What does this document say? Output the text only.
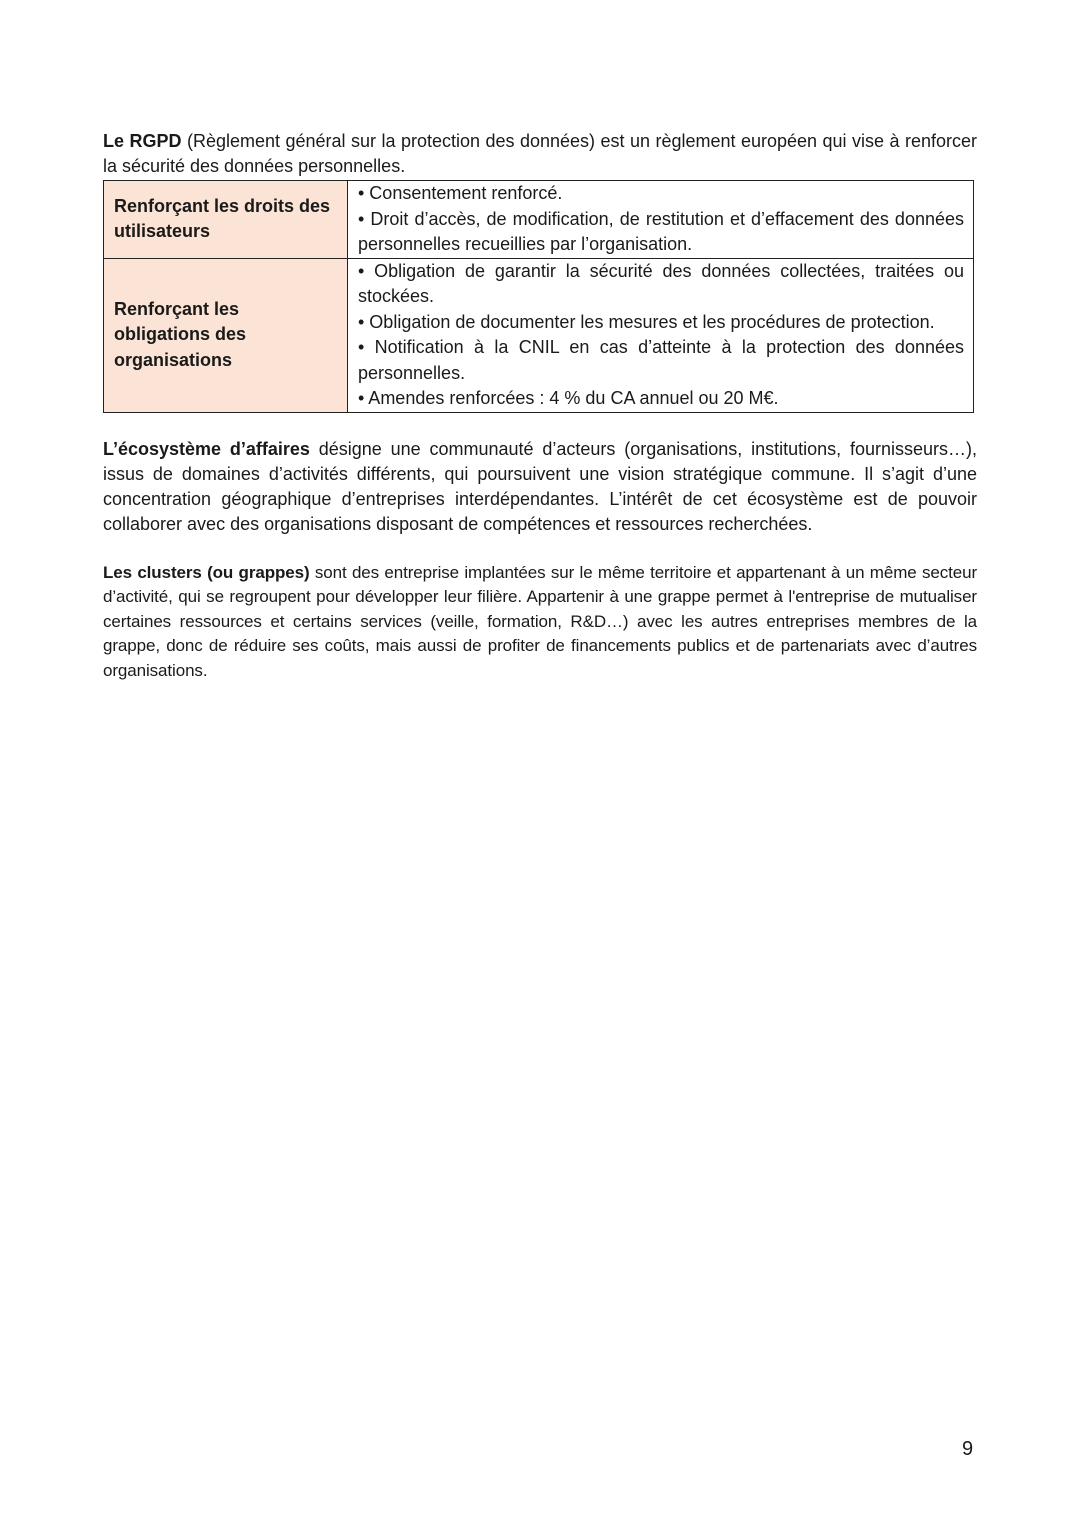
Le RGPD (Règlement général sur la protection des données) est un règlement européen qui vise à renforcer la sécurité des données personnelles.

Renforçant les droits des utilisateurs	• Consentement renforcé.
• Droit d’accès, de modification, de restitution et d’effacement des données personnelles recueillies par l’organisation.

Renforçant les obligations des organisations	• Obligation de garantir la sécurité des données collectées, traitées ou stockées.
• Obligation de documenter les mesures et les procédures de protection.
• Notification à la CNIL en cas d’atteinte à la protection des données personnelles.
• Amendes renforcées : 4 % du CA annuel ou 20 M€.

L’écosystème d’affaires désigne une communauté d’acteurs (organisations, institutions, fournisseurs…), issus de domaines d’activités différents, qui poursuivent une vision stratégique commune. Il s’agit d’une concentration géographique d’entreprises interdépendantes. L’intérêt de cet écosystème est de pouvoir collaborer avec des organisations disposant de compétences et ressources recherchées.

Les clusters (ou grappes) sont des entreprise implantées sur le même territoire et appartenant à un même secteur d’activité, qui se regroupent pour développer leur filière. Appartenir à une grappe permet à l'entreprise de mutualiser certaines ressources et certains services (veille, formation, R&D…) avec les autres entreprises membres de la grappe, donc de réduire ses coûts, mais aussi de profiter de financements publics et de partenariats avec d’autres organisations.

9
